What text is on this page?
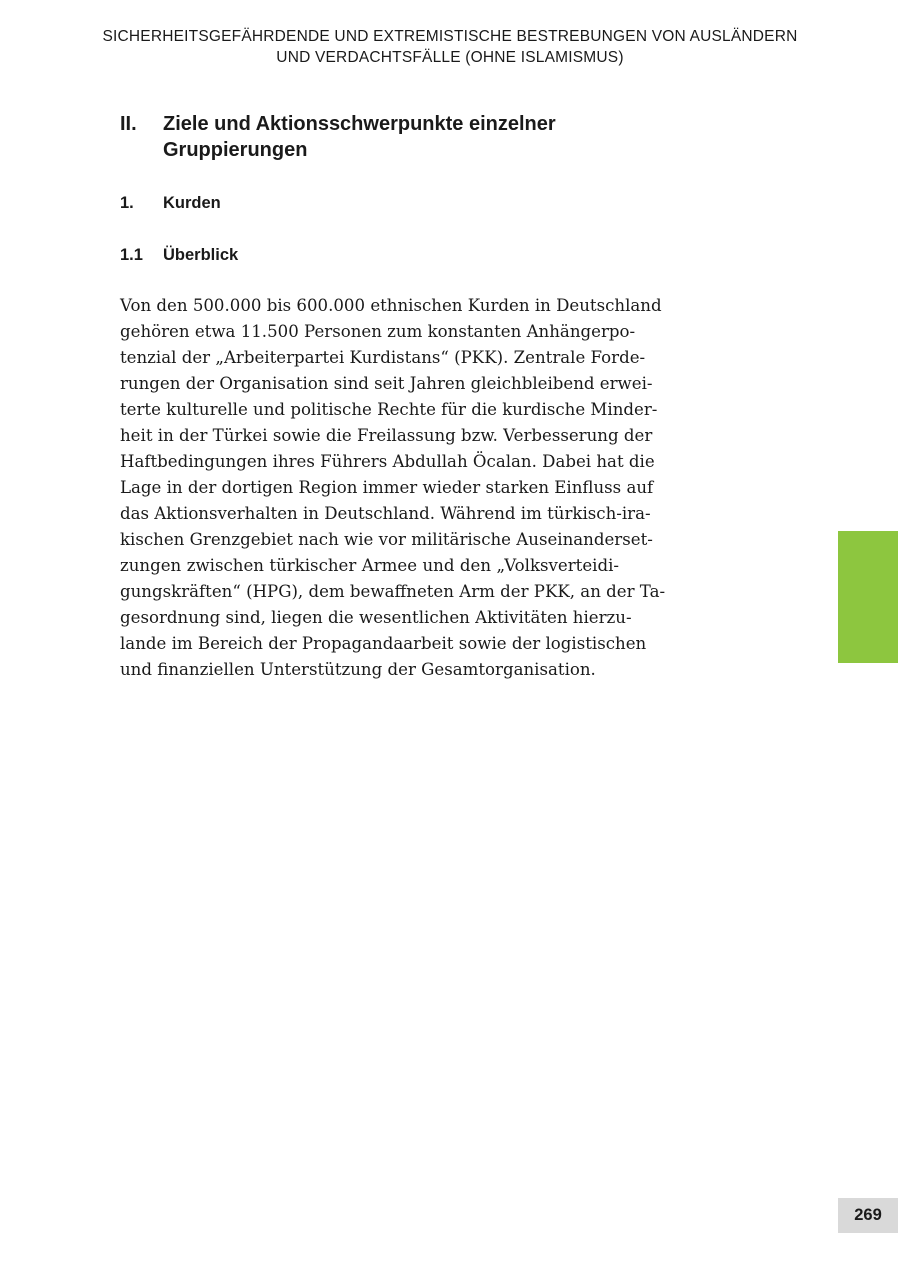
SICHERHEITSGEFÄHRDENDE UND EXTREMISTISCHE BESTREBUNGEN VON AUSLÄNDERN
UND VERDACHTSFÄLLE (OHNE ISLAMISMUS)
II. Ziele und Aktionsschwerpunkte einzelner Gruppierungen
1. Kurden
1.1 Überblick

Von den 500.000 bis 600.000 ethnischen Kurden in Deutschland
gehören etwa 11.500 Personen zum konstanten Anhängerpo-
tenzial der „Arbeiterpartei Kurdistans“ (PKK). Zentrale Forde-
rungen der Organisation sind seit Jahren gleichbleibend erwei-
terte kulturelle und politische Rechte für die kurdische Minder-
heit in der Türkei sowie die Freilassung bzw. Verbesserung der
Haftbedingungen ihres Führers Abdullah Öcalan. Dabei hat die
Lage in der dortigen Region immer wieder starken Einfluss auf
das Aktionsverhalten in Deutschland. Während im türkisch-ira-
kischen Grenzgebiet nach wie vor militärische Auseinanderset-
zungen zwischen türkischer Armee und den „Volksverteidi-
gungskräften“ (HPG), dem bewaffneten Arm der PKK, an der Ta-
gesordnung sind, liegen die wesentlichen Aktivitäten hierzu-
lande im Bereich der Propagandaarbeit sowie der logistischen
und finanziellen Unterstützung der Gesamtorganisation.

269
